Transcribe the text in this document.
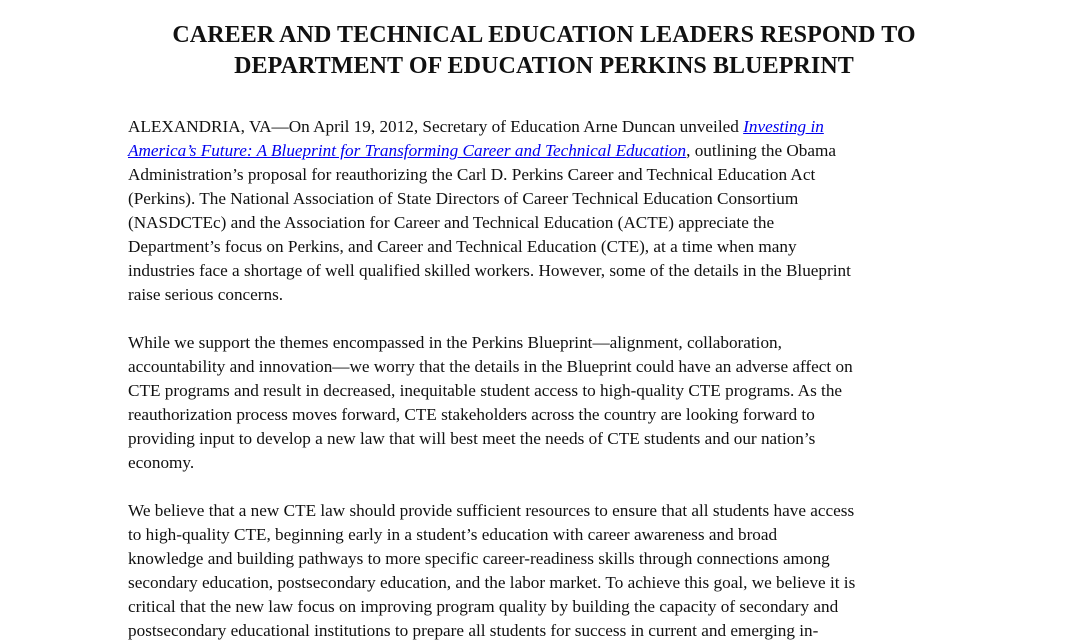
CAREER AND TECHNICAL EDUCATION LEADERS RESPOND TO
DEPARTMENT OF EDUCATION PERKINS BLUEPRINT
ALEXANDRIA, VA—On April 19, 2012, Secretary of Education Arne Duncan unveiled Investing in
America’s Future: A Blueprint for Transforming Career and Technical Education, outlining the Obama
Administration’s proposal for reauthorizing the Carl D. Perkins Career and Technical Education Act
(Perkins). The National Association of State Directors of Career Technical Education Consortium
(NASDCTEc) and the Association for Career and Technical Education (ACTE) appreciate the
Department’s focus on Perkins, and Career and Technical Education (CTE), at a time when many
industries face a shortage of well qualified skilled workers. However, some of the details in the Blueprint
raise serious concerns.
While we support the themes encompassed in the Perkins Blueprint—alignment, collaboration,
accountability and innovation—we worry that the details in the Blueprint could have an adverse affect on
CTE programs and result in decreased, inequitable student access to high-quality CTE programs. As the
reauthorization process moves forward, CTE stakeholders across the country are looking forward to
providing input to develop a new law that will best meet the needs of CTE students and our nation’s
economy.
We believe that a new CTE law should provide sufficient resources to ensure that all students have access
to high-quality CTE, beginning early in a student’s education with career awareness and broad
knowledge and building pathways to more specific career-readiness skills through connections among
secondary education, postsecondary education, and the labor market. To achieve this goal, we believe it is
critical that the new law focus on improving program quality by building the capacity of secondary and
postsecondary educational institutions to prepare all students for success in current and emerging in-
